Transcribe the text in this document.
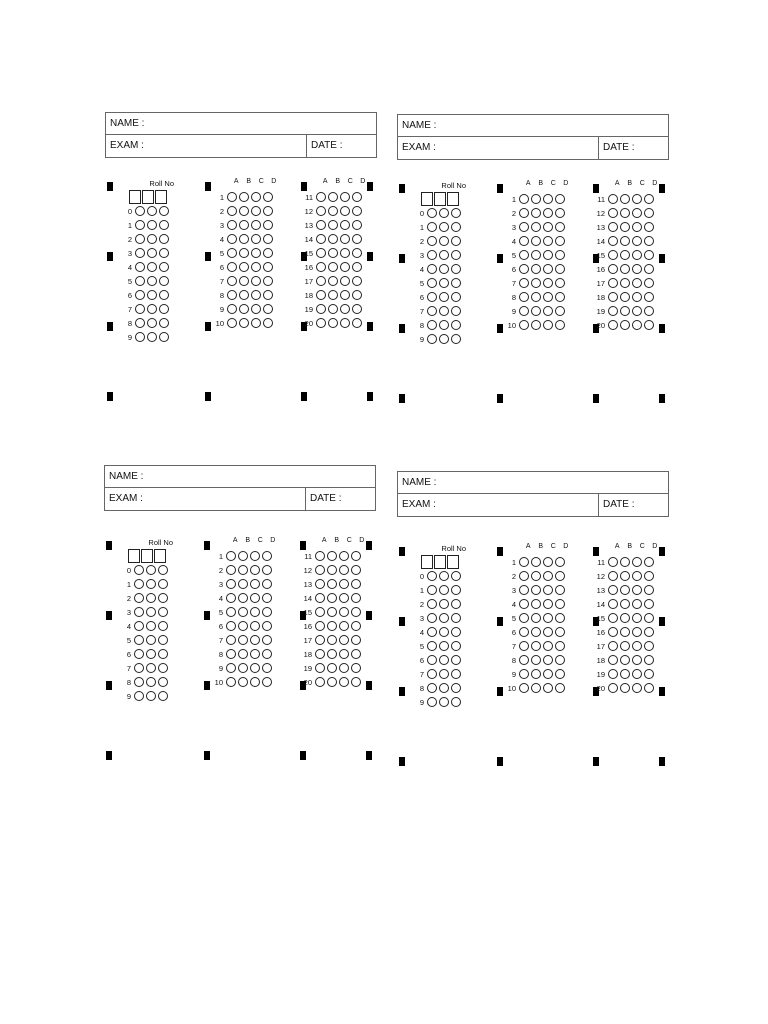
NAME :
EXAM :	DATE :
Roll No
0
1
2
3
4
5
6
7
8
9
A	B	C	D
1
2
3
4
5
6
7
8
9
10
A	B	C	D
11
12
13
14
15
16
17
18
19
20
NAME :
EXAM :	DATE :
Roll No
0
1
2
3
4
5
6
7
8
9
A	B	C	D
1
2
3
4
5
6
7
8
9
10
A	B	C	D
11
12
13
14
15
16
17
18
19
20
NAME :
EXAM :	DATE :
Roll No
0
1
2
3
4
5
6
7
8
9
A	B	C	D
1
2
3
4
5
6
7
8
9
10
A	B	C	D
11
12
13
14
15
16
17
18
19
20
NAME :
EXAM :	DATE :
Roll No
0
1
2
3
4
5
6
7
8
9
A	B	C	D
1
2
3
4
5
6
7
8
9
10
A	B	C	D
11
12
13
14
15
16
17
18
19
20
